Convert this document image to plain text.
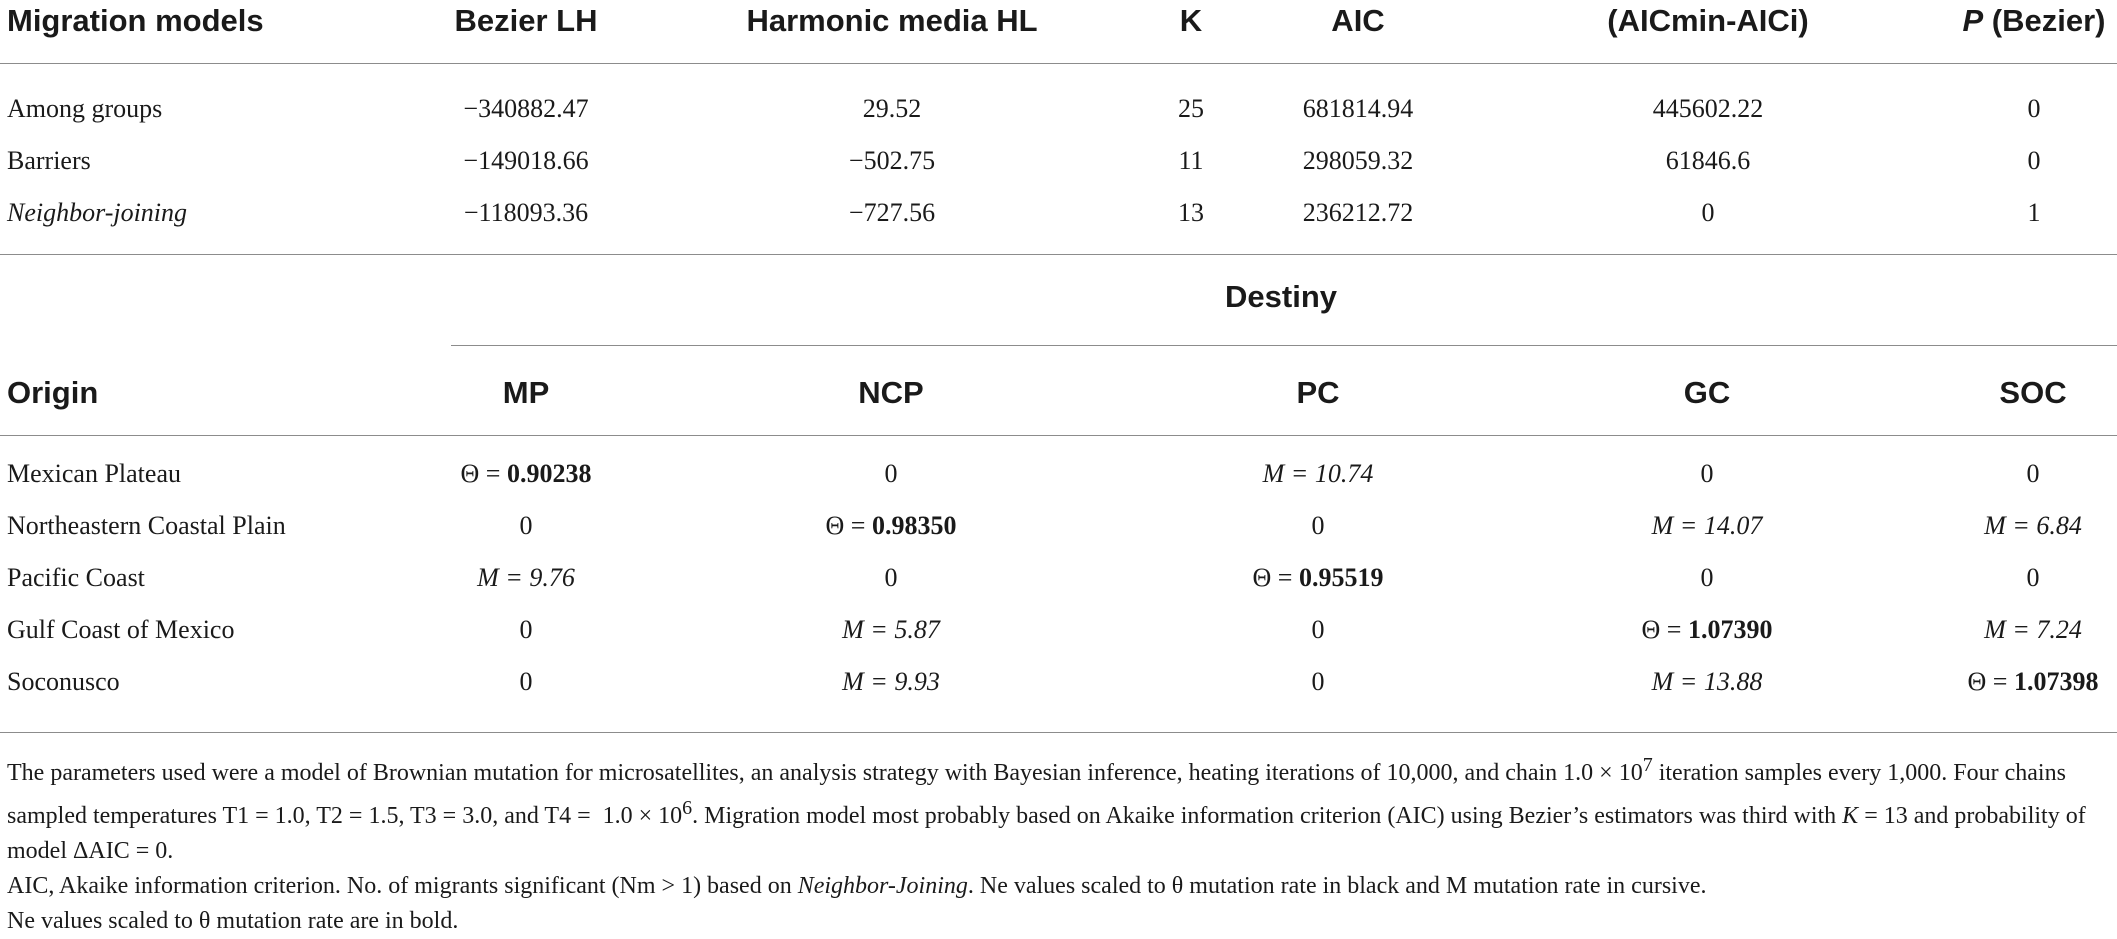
Migration models	Bezier LH	Harmonic media HL	K	AIC	(AICmin-AICi)	P (Bezier)
Among groups	−340882.47	29.52	25	681814.94	445602.22	0
Barriers	−149018.66	−502.75	11	298059.32	61846.6	0
Neighbor-joining	−118093.36	−727.56	13	236212.72	0	1
Destiny
Origin	MP	NCP	PC	GC	SOC
Mexican Plateau	Θ = 0.90238	0	M = 10.74	0	0
Northeastern Coastal Plain	0	Θ = 0.98350	0	M = 14.07	M = 6.84
Pacific Coast	M = 9.76	0	Θ = 0.95519	0	0
Gulf Coast of Mexico	0	M = 5.87	0	Θ = 1.07390	M = 7.24
Soconusco	0	M = 9.93	0	M = 13.88	Θ = 1.07398

The parameters used were a model of Brownian mutation for microsatellites, an analysis strategy with Bayesian inference, heating iterations of 10,000, and chain $1.0 \times 10^7$ iteration samples every 1,000. Four chains sampled temperatures T1 = 1.0, T2 = 1.5, T3 = 3.0, and $T4 = 1.0 \times 10^6$. Migration model most probably based on Akaike information criterion (AIC) using Bezier’s estimators was third with K = 13 and probability of model ΔAIC = 0.

AIC, Akaike information criterion. No. of migrants significant (Nm > 1) based on Neighbor-Joining. Ne values scaled to θ mutation rate in black and M mutation rate in cursive.

Ne values scaled to θ mutation rate are in bold.
